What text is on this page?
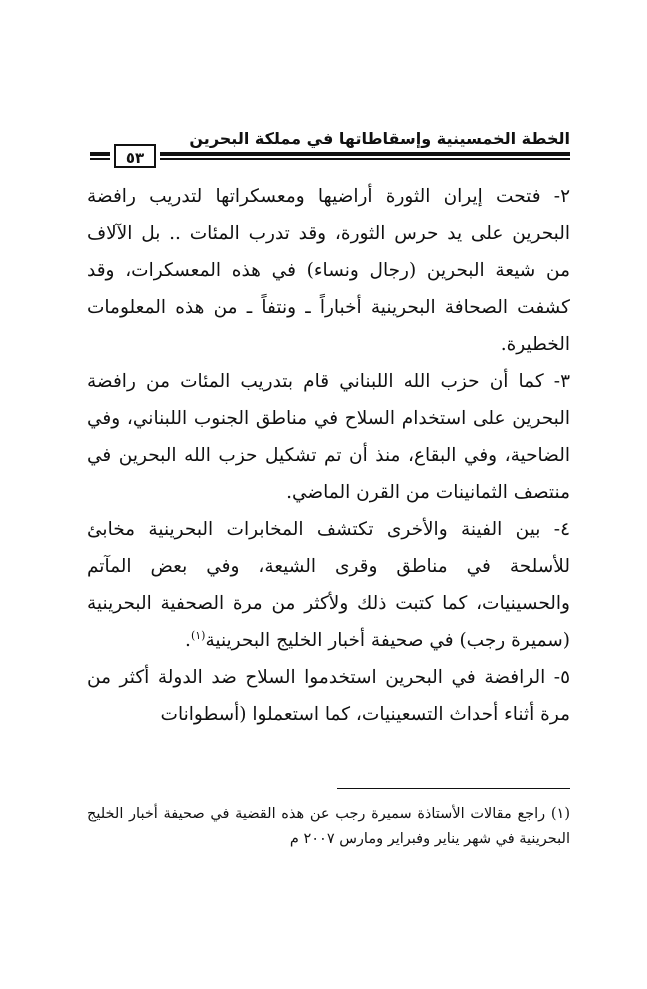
الخطة الخمسينية وإسقاطاتها في مملكة البحرين
٥٣

٢- فتحت إيران الثورة أراضيها ومعسكراتها لتدريب رافضة البحرين على يد حرس الثورة، وقد تدرب المئات .. بل الآلاف من شيعة البحرين (رجال ونساء) في هذه المعسكرات، وقد كشفت الصحافة البحرينية أخباراً ـ ونتفاً ـ من هذه المعلومات الخطيرة.

٣- كما أن حزب الله اللبناني قام بتدريب المئات من رافضة البحرين على استخدام السلاح في مناطق الجنوب اللبناني، وفي الضاحية، وفي البقاع، منذ أن تم تشكيل حزب الله البحرين في منتصف الثمانينات من القرن الماضي.

٤- بين الفينة والأخرى تكتشف المخابرات البحرينية مخابئ للأسلحة في مناطق وقرى الشيعة، وفي بعض المآتم والحسينيات، كما كتبت ذلك ولأكثر من مرة الصحفية البحرينية (سميرة رجب) في صحيفة أخبار الخليج البحرينية$^{(١)}$.

٥- الرافضة في البحرين استخدموا السلاح ضد الدولة أكثر من مرة أثناء أحداث التسعينيات، كما استعملوا (أسطوانات

(١) راجع مقالات الأستاذة سميرة رجب عن هذه القضية في صحيفة أخبار الخليج البحرينية في شهر يناير وفبراير ومارس ٢٠٠٧ م
